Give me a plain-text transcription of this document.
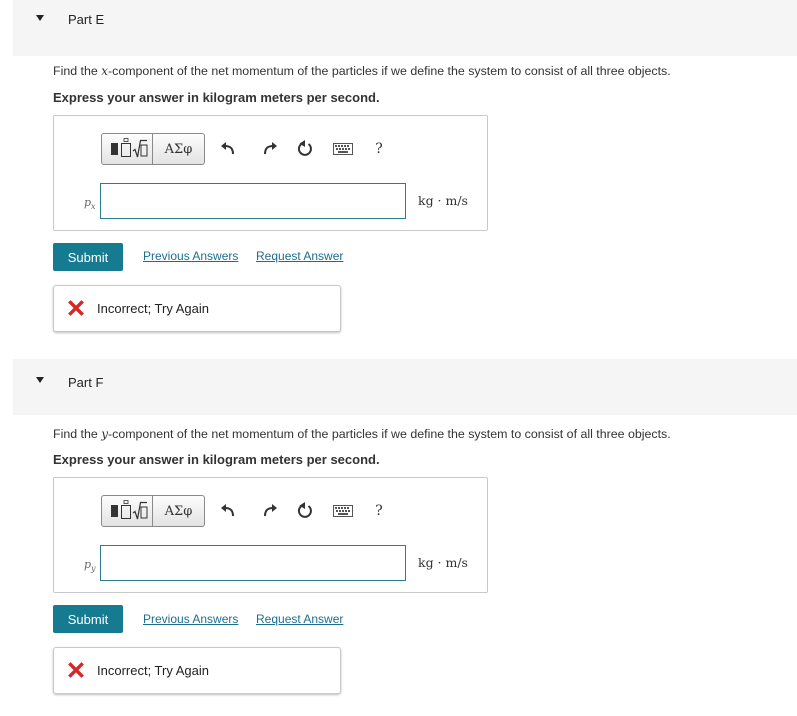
Part E
Find the x-component of the net momentum of the particles if we define the system to consist of all three objects.
Express your answer in kilogram meters per second.
ΑΣφ	?
$p_x$	kg · m/s
Submit	Previous Answers Request Answer
Incorrect; Try Again
Part F
Find the y-component of the net momentum of the particles if we define the system to consist of all three objects.
Express your answer in kilogram meters per second.
ΑΣφ	?
$p_y$	kg · m/s
Submit	Previous Answers Request Answer
Incorrect; Try Again
